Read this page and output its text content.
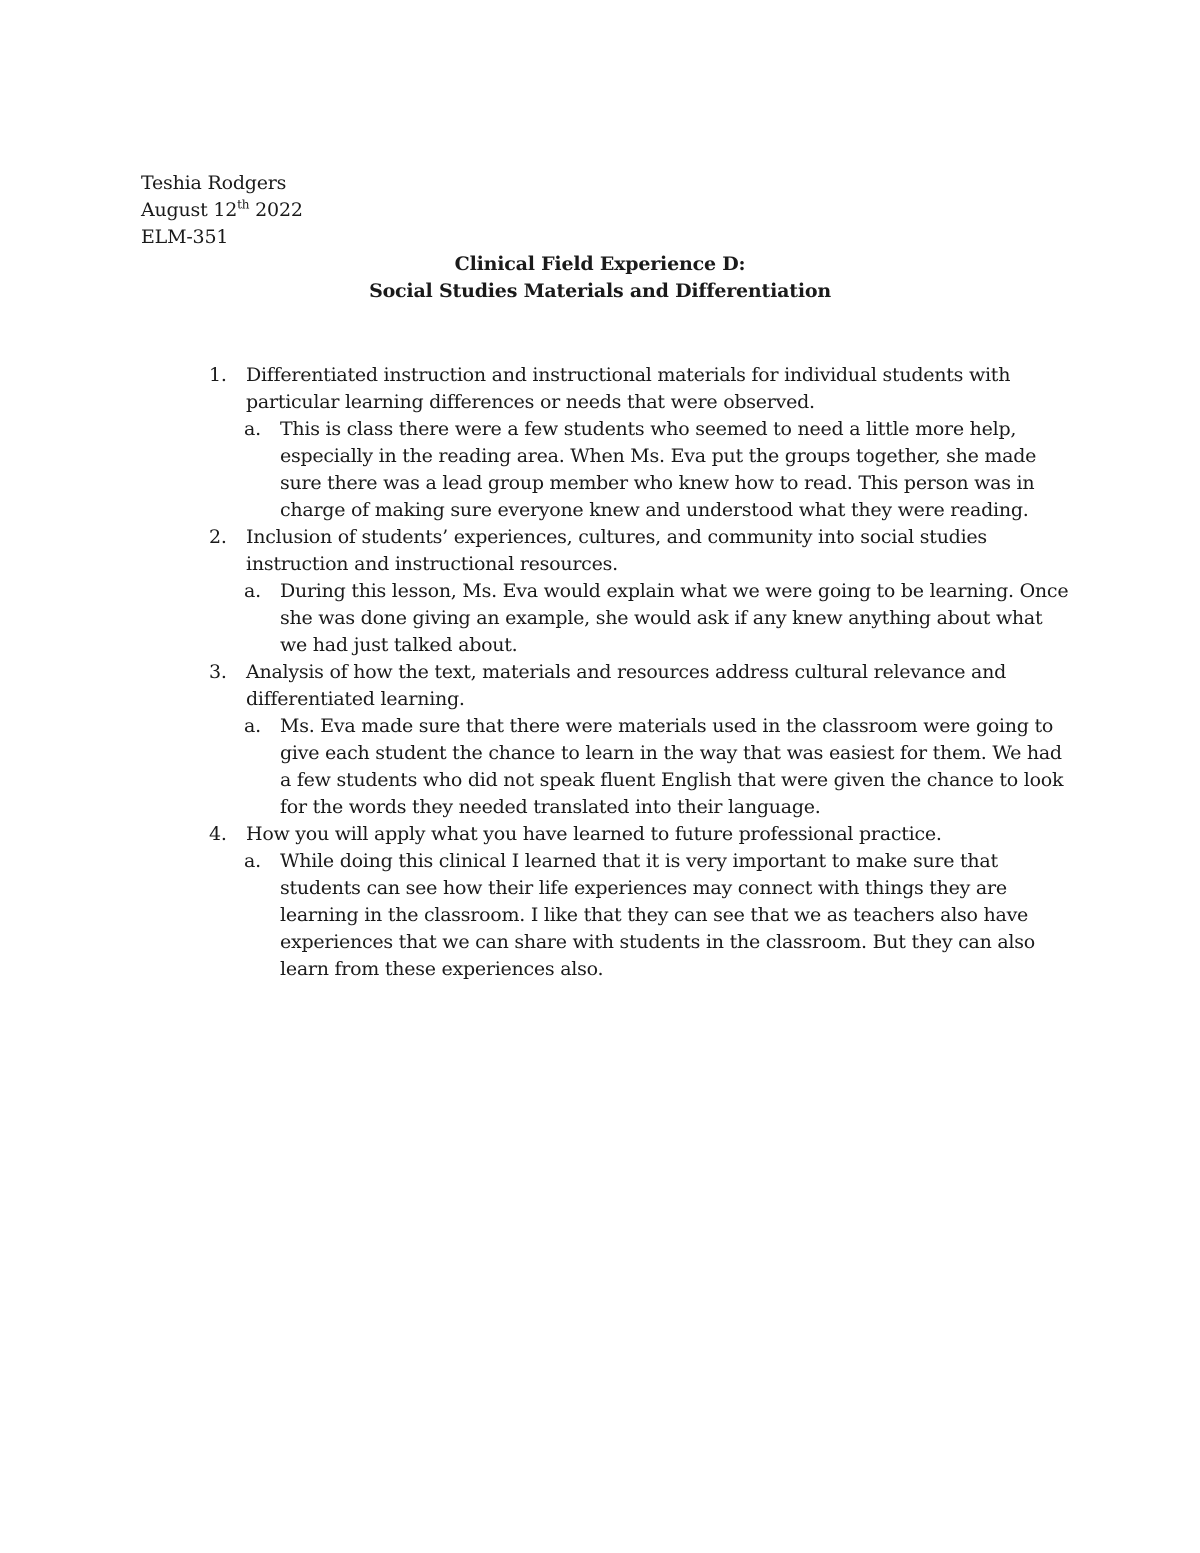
Teshia Rodgers
August 12th 2022
ELM-351
Clinical Field Experience D:
Social Studies Materials and Differentiation
1. Differentiated instruction and instructional materials for individual students with particular learning differences or needs that were observed.
a. This is class there were a few students who seemed to need a little more help, especially in the reading area. When Ms. Eva put the groups together, she made sure there was a lead group member who knew how to read. This person was in charge of making sure everyone knew and understood what they were reading.
2. Inclusion of students’ experiences, cultures, and community into social studies instruction and instructional resources.
a. During this lesson, Ms. Eva would explain what we were going to be learning. Once she was done giving an example, she would ask if any knew anything about what we had just talked about.
3. Analysis of how the text, materials and resources address cultural relevance and differentiated learning.
a. Ms. Eva made sure that there were materials used in the classroom were going to give each student the chance to learn in the way that was easiest for them. We had a few students who did not speak fluent English that were given the chance to look for the words they needed translated into their language.
4. How you will apply what you have learned to future professional practice.
a. While doing this clinical I learned that it is very important to make sure that students can see how their life experiences may connect with things they are learning in the classroom. I like that they can see that we as teachers also have experiences that we can share with students in the classroom. But they can also learn from these experiences also.
